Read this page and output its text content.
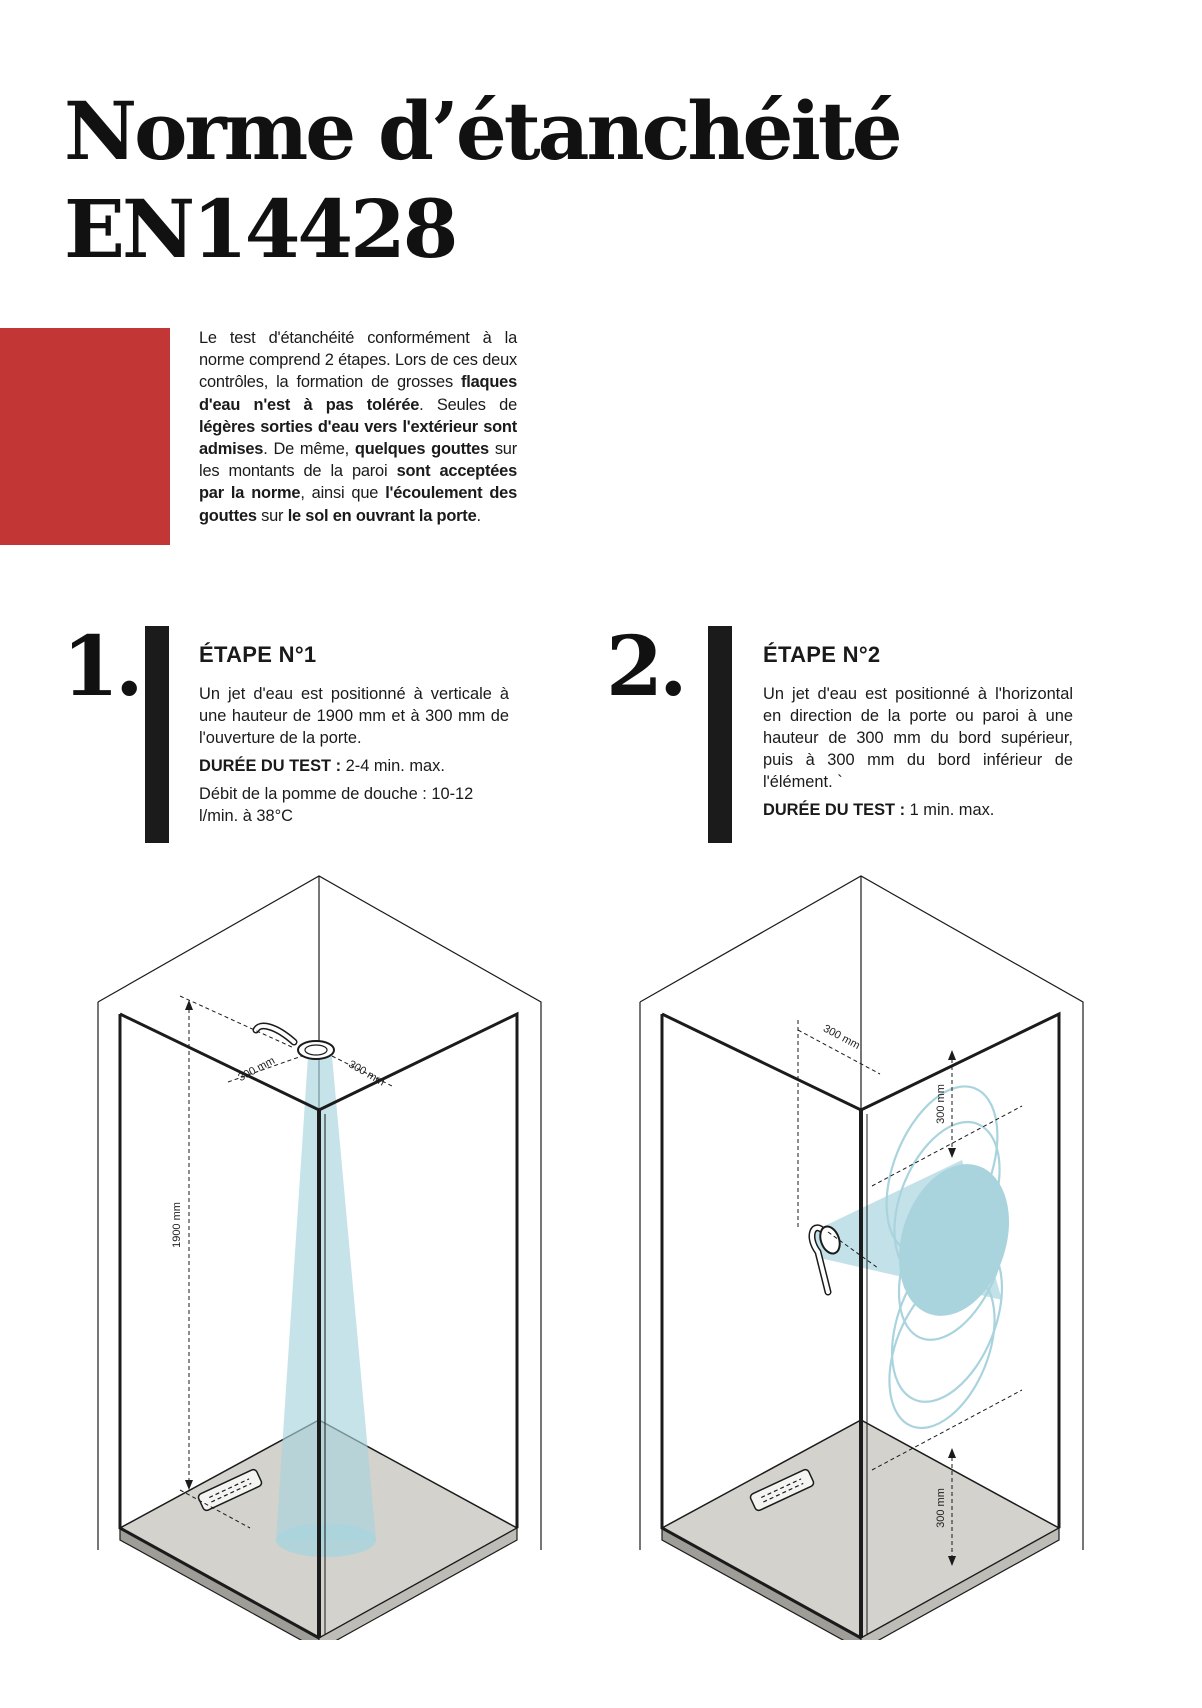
Norme d’étanchéité
EN14428

Le test d'étanchéité conformément à la norme comprend 2 étapes. Lors de ces deux contrôles, la formation de grosses flaques d'eau n'est à pas tolérée. Seules de légères sorties d'eau vers l'extérieur sont admises. De même, quelques gouttes sur les montants de la paroi sont acceptées par la norme, ainsi que l'écoulement des gouttes sur le sol en ouvrant la porte.

1.	ÉTAPE N°1

Un jet d'eau est positionné à verticale à une hauteur de 1900 mm et à 300 mm de l'ouverture de la porte.

DURÉE DU TEST : 2-4 min. max.

Débit de la pomme de douche : 10-12 l/min. à 38°C

2.	ÉTAPE N°2

Un jet d'eau est positionné à l'horizontal en direction de la porte ou paroi à une hauteur de 300 mm du bord supérieur, puis à 300 mm du bord inférieur de l'élément. `

DURÉE DU TEST : 1 min. max.

300 mm	300 mm
1900 mm
300 mm
300 mm
300 mm
